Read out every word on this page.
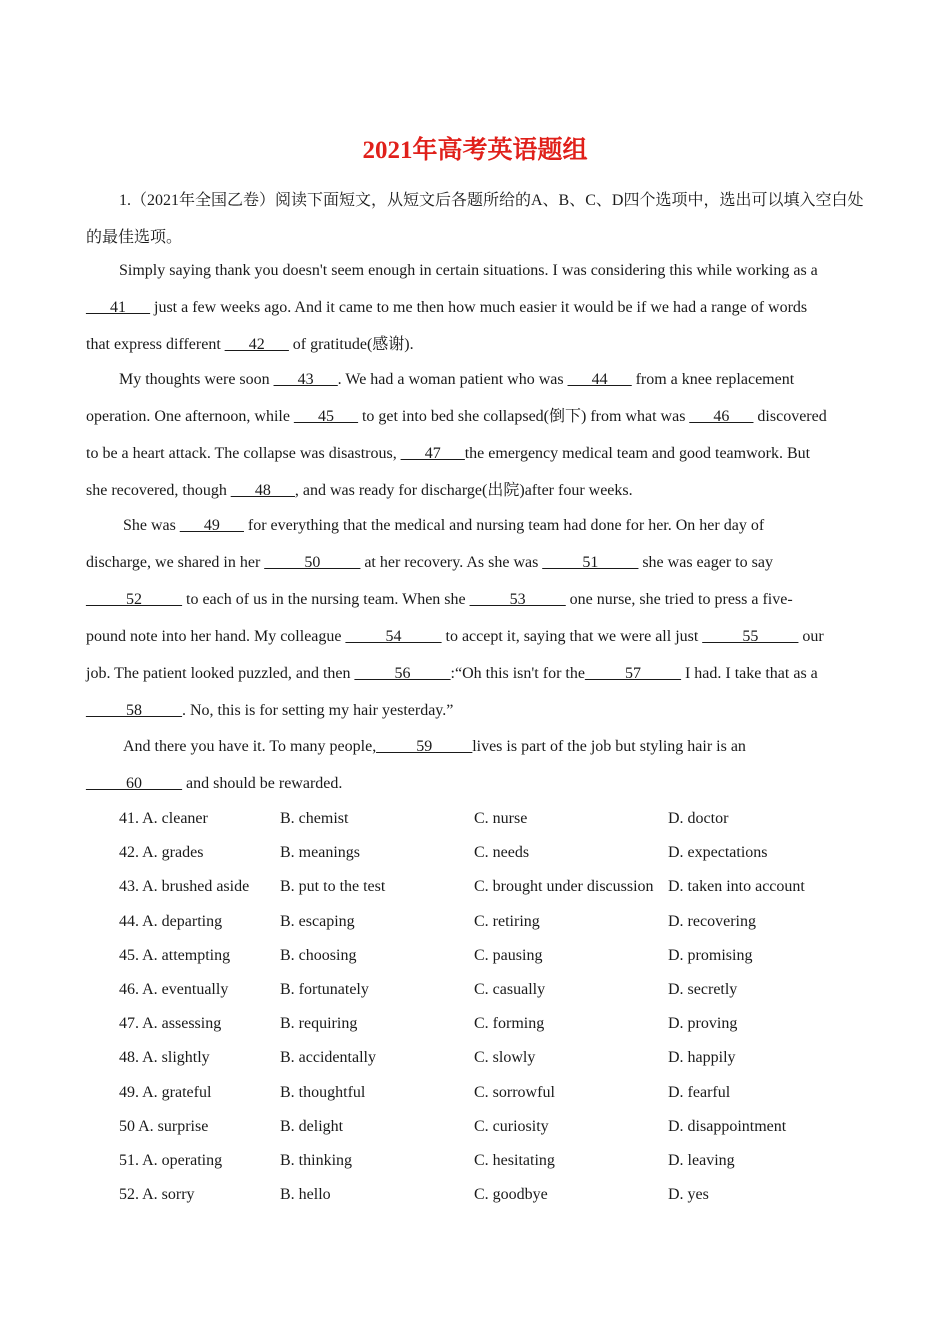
2021年高考英语题组

1.（2021年全国乙卷）阅读下面短文，从短文后各题所给的A、B、C、D四个选项中，选出可以填入空白处
的最佳选项。

Simply saying thank you doesn't seem enough in certain situations. I was considering this while working as a
___41___ just a few weeks ago. And it came to me then how much easier it would be if we had a range of words
that express different ___42___ of gratitude(感谢).

My thoughts were soon ___43___. We had a woman patient who was ___44___ from a knee replacement
operation. One afternoon, while ___45___ to get into bed she collapsed(倒下) from what was ___46___ discovered
to be a heart attack. The collapse was disastrous, ___47___the emergency medical team and good teamwork. But
she recovered, though ___48___, and was ready for discharge(出院)after four weeks.

She was ___49___ for everything that the medical and nursing team had done for her. On her day of
discharge, we shared in her _____50_____ at her recovery. As she was _____51_____ she was eager to say
_____52_____ to each of us in the nursing team. When she _____53_____ one nurse, she tried to press a five-
pound note into her hand. My colleague _____54_____ to accept it, saying that we were all just _____55_____ our
job. The patient looked puzzled, and then _____56_____:“Oh this isn't for the_____57_____ I had. I take that as a
_____58_____. No, this is for setting my hair yesterday.”

And there you have it. To many people,_____59_____lives is part of the job but styling hair is an
_____60_____ and should be rewarded.

41. A. cleaner	B. chemist	C. nurse	D. doctor
42. A. grades	B. meanings	C. needs	D. expectations
43. A. brushed aside	B. put to the test	C. brought under discussion D. taken into account
44. A. departing	B. escaping	C. retiring	D. recovering
45. A. attempting	B. choosing	C. pausing	D. promising
46. A. eventually	B. fortunately	C. casually	D. secretly
47. A. assessing	B. requiring	C. forming	D. proving
48. A. slightly	B. accidentally	C. slowly	D. happily
49. A. grateful	B. thoughtful	C. sorrowful	D. fearful
50 A. surprise	B. delight	C. curiosity	D. disappointment
51. A. operating	B. thinking	C. hesitating	D. leaving
52. A. sorry	B. hello	C. goodbye	D. yes
